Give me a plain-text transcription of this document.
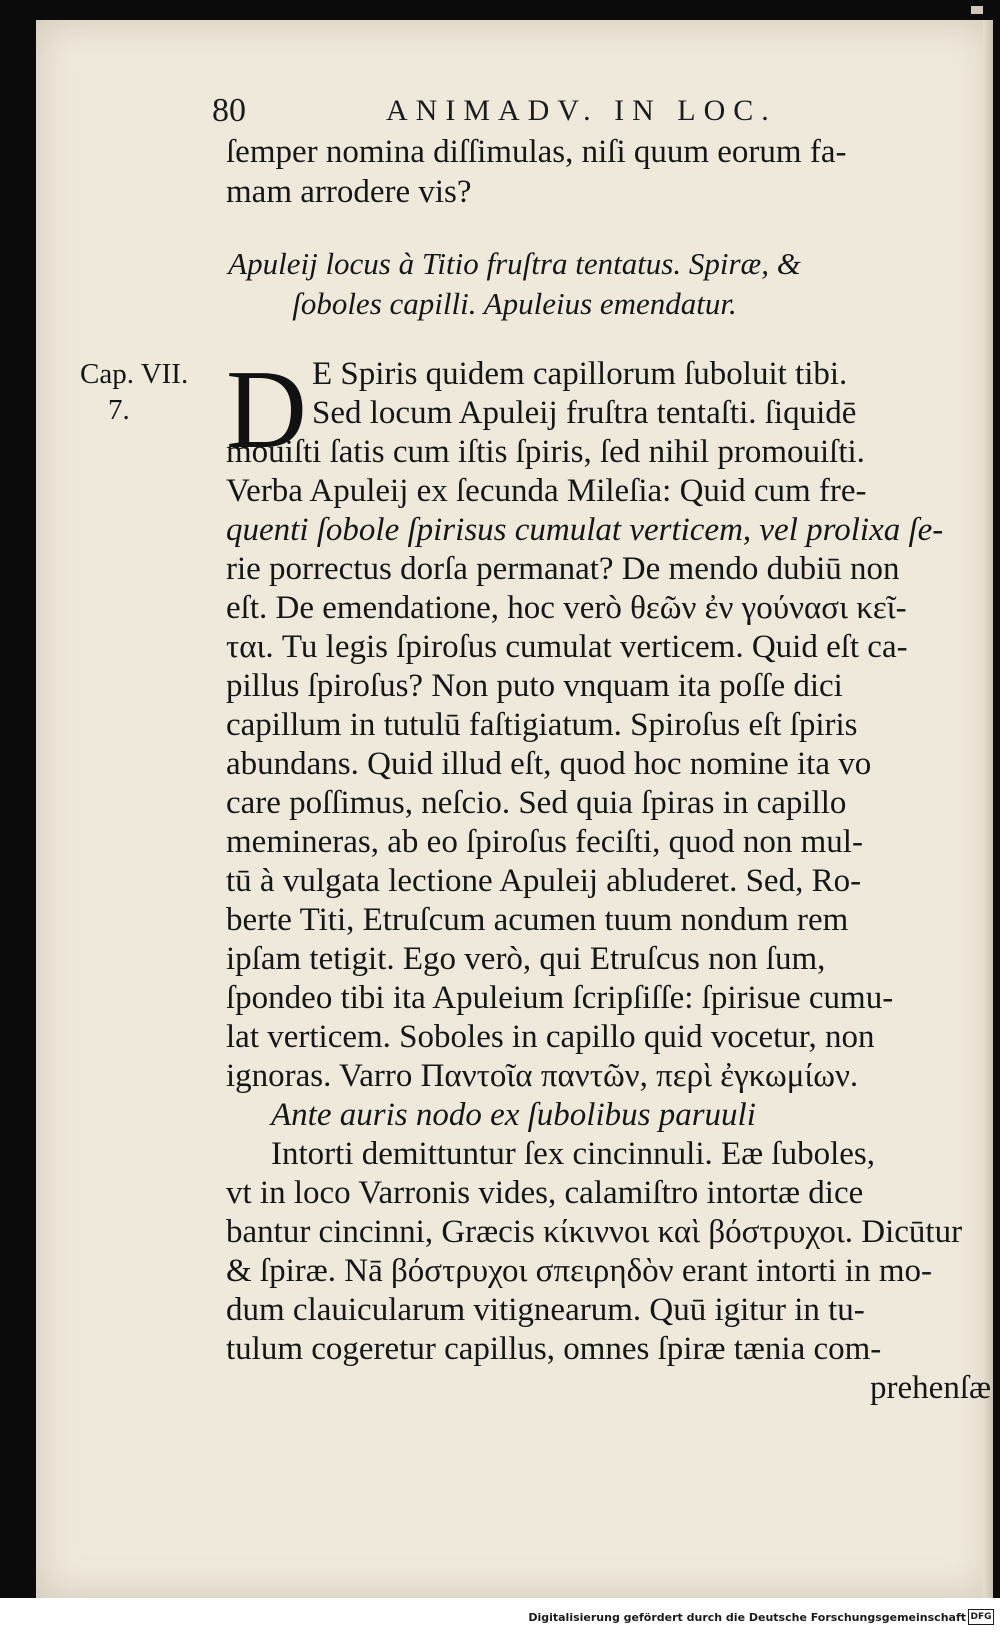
80	ANIMADV. IN LOC.
ſemper nomina diſſimulas, niſi quum eorum fa-
mam arrodere vis?
Apuleij locus à Titio fruſtra tentatus. Spiræ, &
ſoboles capilli. Apuleius emendatur.
Cap. VII.
7. D E Spiris quidem capillorum ſuboluit tibi.
Sed locum Apuleij fruſtra tentaſti. ſiquidē
mouiſti ſatis cum iſtis ſpiris, ſed nihil promouiſti.
Verba Apuleij ex ſecunda Mileſia: Quid cum fre-
quenti ſobole ſpirisus cumulat verticem, vel prolixa ſe-
rie porrectus dorſa permanat? De mendo dubiū non
eſt. De emendatione, hoc verò θεῶν ἐν γούνασι κεῖ-
ται. Tu legis ſpiroſus cumulat verticem. Quid eſt ca-
pillus ſpiroſus? Non puto vnquam ita poſſe dici
capillum in tutulū faſtigiatum. Spiroſus eſt ſpiris
abundans. Quid illud eſt, quod hoc nomine ita vo
care poſſimus, neſcio. Sed quia ſpiras in capillo
memineras, ab eo ſpiroſus feciſti, quod non mul-
tū à vulgata lectione Apuleij abluderet. Sed, Ro-
berte Titi, Etruſcum acumen tuum nondum rem
ipſam tetigit. Ego verò, qui Etruſcus non ſum,
ſpondeo tibi ita Apuleium ſcripſiſſe: ſpirisue cumu-
lat verticem. Soboles in capillo quid vocetur, non
ignoras. Varro Παντοῖα παντῶν, περὶ ἐγκωμίων.
Ante auris nodo ex ſubolibus paruuli
Intorti demittuntur ſex cincinnuli. Eæ ſuboles,
vt in loco Varronis vides, calamiſtro intortæ dice
bantur cincinni, Græcis κίκιννοι καὶ βόστρυχοι. Dicūtur
& ſpiræ. Nā βόστρυχοι σπειρηδὸν erant intorti in mo-
dum clauicularum vitignearum. Quū igitur in tu-
tulum cogeretur capillus, omnes ſpiræ tænia com-
prehenſæ
Digitalisierung gefördert durch die Deutsche Forschungsgemeinschaft DFG
